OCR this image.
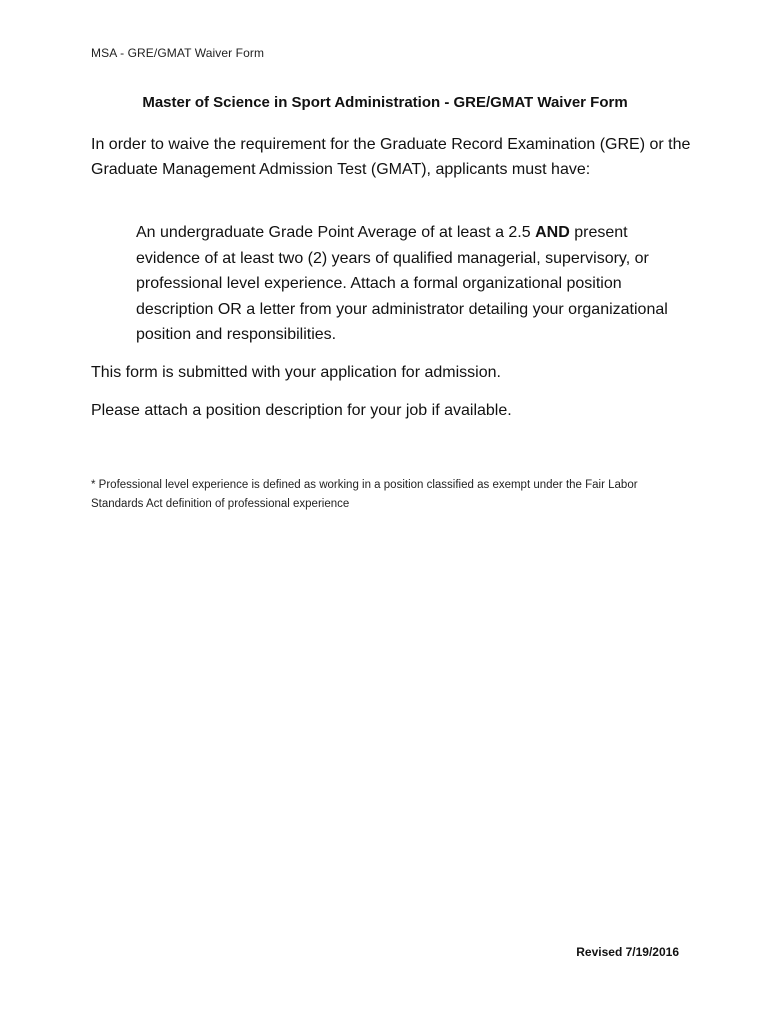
MSA - GRE/GMAT Waiver Form
Master of Science in Sport Administration - GRE/GMAT Waiver Form
In order to waive the requirement for the Graduate Record Examination (GRE) or the Graduate Management Admission Test (GMAT), applicants must have:
An undergraduate Grade Point Average of at least a 2.5 AND present evidence of at least two (2) years of qualified managerial, supervisory, or professional level experience. Attach a formal organizational position description OR a letter from your administrator detailing your organizational position and responsibilities.
This form is submitted with your application for admission.
Please attach a position description for your job if available.
* Professional level experience is defined as working in a position classified as exempt under the Fair Labor Standards Act definition of professional experience
Revised 7/19/2016
